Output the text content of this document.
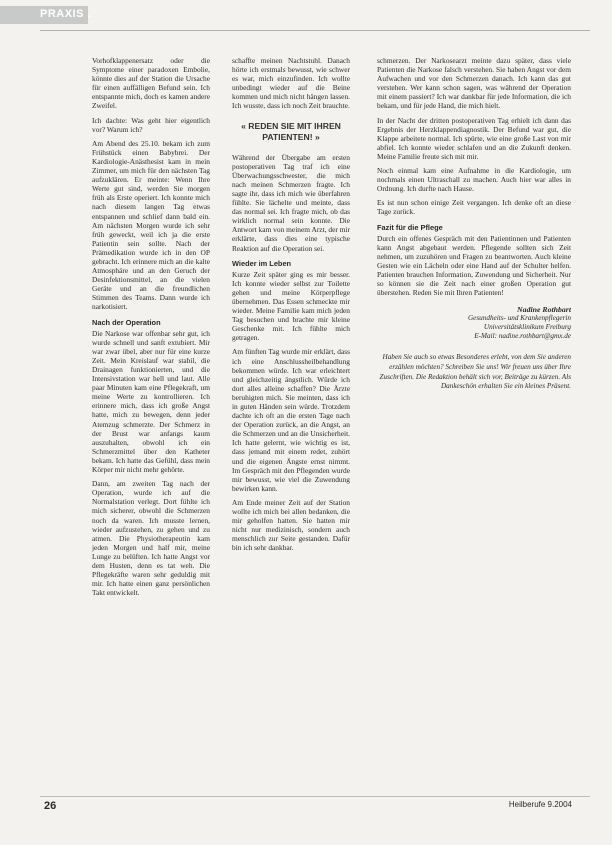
PRAXIS .

Vorhofklappenersatz oder die Symptome einer paradoxen Embolie, könnte dies auf der Station die Ursache für einen auffälligen Befund sein. Ich entspannte mich, doch es kamen andere Zweifel.

Ich dachte: Was geht hier eigentlich vor? Warum ich?

Am Abend des 25.10. bekam ich zum Frühstück einen Babybrei. Der Kardiologie-Anästhesist kam in mein Zimmer, um mich für den nächsten Tag aufzuklären. Er meinte: Wenn Ihre Werte gut sind, werden Sie morgen früh als Erste operiert. Ich konnte mich nach diesem langen Tag etwas entspannen und schlief dann bald ein. Am nächsten Morgen wurde ich sehr früh geweckt, weil ich ja die erste Patientin sein sollte. Nach der Prämedikation wurde ich in den OP gebracht. Ich erinnere mich an die kalte Atmosphäre und an den Geruch der Desinfektionsmittel, an die vielen Geräte und an die freundlichen Stimmen des Teams. Dann wurde ich narkotisiert.

Nach der Operation

Die Narkose war offenbar sehr gut, ich wurde schnell und sanft extubiert. Mir war zwar übel, aber nur für eine kurze Zeit. Mein Kreislauf war stabil, die Drainagen funktionierten, und die Intensivstation war hell und laut. Alle paar Minuten kam eine Pflegekraft, um meine Werte zu kontrollieren. Ich erinnere mich, dass ich große Angst hatte, mich zu bewegen, denn jeder Atemzug schmerzte. Der Schmerz in der Brust war anfangs kaum auszuhalten, obwohl ich ein Schmerzmittel über den Katheter bekam. Ich hatte das Gefühl, dass mein Körper mir nicht mehr gehörte.

Dann, am zweiten Tag nach der Operation, wurde ich auf die Normalstation verlegt. Dort fühlte ich mich sicherer, obwohl die Schmerzen noch da waren. Ich musste lernen, wieder aufzustehen, zu gehen und zu atmen. Die Physiotherapeutin kam jeden Morgen und half mir, meine Lunge zu belüften. Ich hatte Angst vor dem Husten, denn es tat weh. Die Pflegekräfte waren sehr geduldig mit mir. Ich hatte einen ganz persönlichen Takt entwickelt.

schaffte meinen Nachtstuhl. Danach hörte ich erstmals bewusst, wie schwer es war, mich einzufinden. Ich wollte unbedingt wieder auf die Beine kommen und mich nicht hängen lassen. Ich wusste, dass ich noch Zeit brauchte.

« REDEN SIE MIT IHREN PATIENTEN! »

Während der Übergabe am ersten postoperativen Tag traf ich eine Überwachungsschwester, die mich nach meinen Schmerzen fragte. Ich sagte ihr, dass ich mich wie überfahren fühlte. Sie lächelte und meinte, dass das normal sei. Ich fragte mich, ob das wirklich normal sein konnte. Die Antwort kam von meinem Arzt, der mir erklärte, dass dies eine typische Reaktion auf die Operation sei.

Wieder im Leben

Kurze Zeit später ging es mir besser. Ich konnte wieder selbst zur Toilette gehen und meine Körperpflege übernehmen. Das Essen schmeckte mir wieder. Meine Familie kam mich jeden Tag besuchen und brachte mir kleine Geschenke mit. Ich fühlte mich getragen.

Am fünften Tag wurde mir erklärt, dass ich eine Anschlussheilbehandlung bekommen würde. Ich war erleichtert und gleichzeitig ängstlich. Würde ich dort alles alleine schaffen? Die Ärzte beruhigten mich. Sie meinten, dass ich in guten Händen sein würde. Trotzdem dachte ich oft an die ersten Tage nach der Operation zurück, an die Angst, an die Schmerzen und an die Unsicherheit. Ich hatte gelernt, wie wichtig es ist, dass jemand mit einem redet, zuhört und die eigenen Ängste ernst nimmt. Im Gespräch mit den Pflegenden wurde mir bewusst, wie viel die Zuwendung bewirken kann.

Am Ende meiner Zeit auf der Station wollte ich mich bei allen bedanken, die mir geholfen hatten. Sie hatten mir nicht nur medizinisch, sondern auch menschlich zur Seite gestanden. Dafür bin ich sehr dankbar.

schmerzen. Der Narkosearzt meinte dazu später, dass viele Patienten die Narkose falsch verstehen. Sie haben Angst vor dem Aufwachen und vor den Schmerzen danach. Ich kann das gut verstehen. Wer kann schon sagen, was während der Operation mit einem passiert? Ich war dankbar für jede Information, die ich bekam, und für jede Hand, die mich hielt.

In der Nacht der dritten postoperativen Tag erhielt ich dann das Ergebnis der Herzklappendiagnostik. Der Befund war gut, die Klappe arbeitete normal. Ich spürte, wie eine große Last von mir abfiel. Ich konnte wieder schlafen und an die Zukunft denken. Meine Familie freute sich mit mir.

Noch einmal kam eine Aufnahme in die Kardiologie, um nochmals einen Ultraschall zu machen. Auch hier war alles in Ordnung. Ich durfte nach Hause.

Es ist nun schon einige Zeit vergangen. Ich denke oft an diese Tage zurück.

Fazit für die Pflege

Durch ein offenes Gespräch mit den Patientinnen und Patienten kann Angst abgebaut werden. Pflegende sollten sich Zeit nehmen, um zuzuhören und Fragen zu beantworten. Auch kleine Gesten wie ein Lächeln oder eine Hand auf der Schulter helfen. Patienten brauchen Information, Zuwendung und Sicherheit. Nur so können sie die Zeit nach einer großen Operation gut überstehen. Reden Sie mit Ihren Patienten!

Nadine Rothbart
Gesundheits- und Krankenpflegerin
Universitätsklinikum Freiburg
E-Mail: nadine.rothbart@gmx.de
Haben Sie auch so etwas Besonderes erlebt, von dem Sie anderen erzählen möchten? Schreiben Sie uns! Wir freuen uns über Ihre Zuschriften. Die Redaktion behält sich vor, Beiträge zu kürzen. Als Dankeschön erhalten Sie ein kleines Präsent.
26	Heilberufe 9.2004
